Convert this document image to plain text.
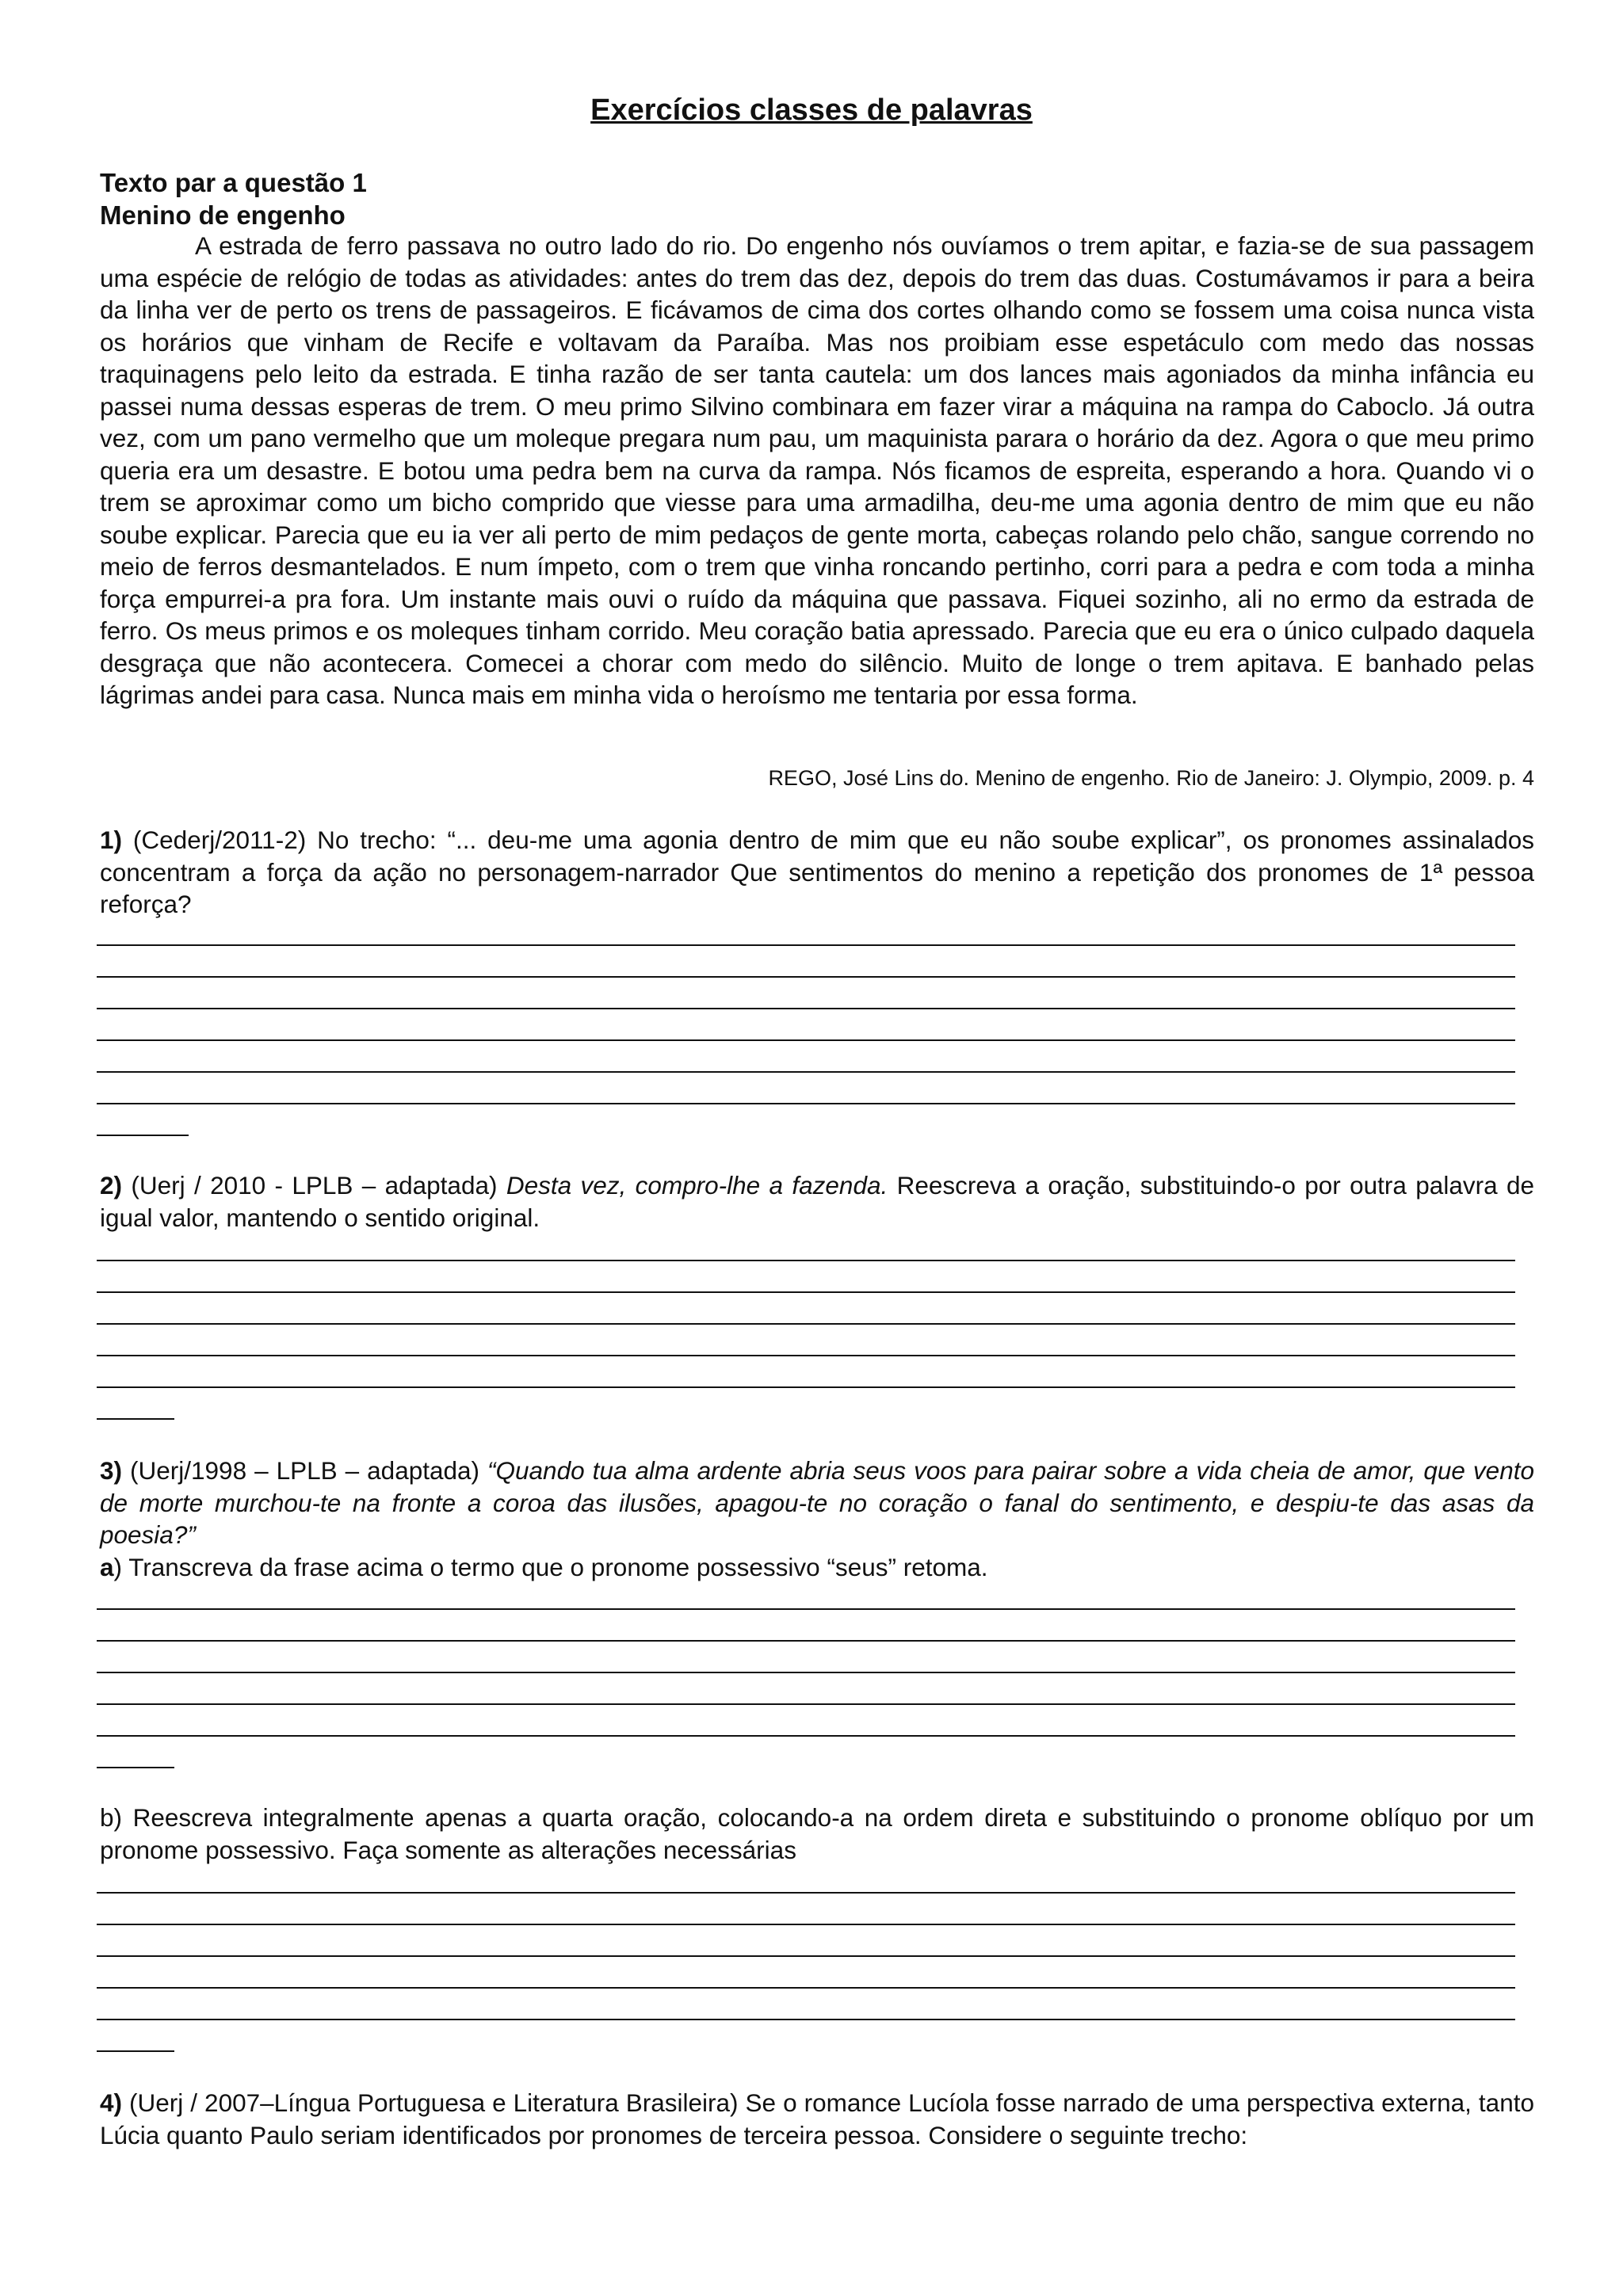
Exercícios classes de palavras
Texto par a questão 1
Menino de engenho

A estrada de ferro passava no outro lado do rio. Do engenho nós ouvíamos o trem apitar, e fazia-se de sua passagem uma espécie de relógio de todas as atividades: antes do trem das dez, depois do trem das duas. Costumávamos ir para a beira da linha ver de perto os trens de passageiros. E ficávamos de cima dos cortes olhando como se fossem uma coisa nunca vista os horários que vinham de Recife e voltavam da Paraíba. Mas nos proibiam esse espetáculo com medo das nossas traquinagens pelo leito da estrada. E tinha razão de ser tanta cautela: um dos lances mais agoniados da minha infância eu passei numa dessas esperas de trem. O meu primo Silvino combinara em fazer virar a máquina na rampa do Caboclo. Já outra vez, com um pano vermelho que um moleque pregara num pau, um maquinista parara o horário da dez. Agora o que meu primo queria era um desastre. E botou uma pedra bem na curva da rampa. Nós ficamos de espreita, esperando a hora. Quando vi o trem se aproximar como um bicho comprido que viesse para uma armadilha, deu-me uma agonia dentro de mim que eu não soube explicar. Parecia que eu ia ver ali perto de mim pedaços de gente morta, cabeças rolando pelo chão, sangue correndo no meio de ferros desmantelados. E num ímpeto, com o trem que vinha roncando pertinho, corri para a pedra e com toda a minha força empurrei-a pra fora. Um instante mais ouvi o ruído da máquina que passava. Fiquei sozinho, ali no ermo da estrada de ferro. Os meus primos e os moleques tinham corrido. Meu coração batia apressado. Parecia que eu era o único culpado daquela desgraça que não acontecera. Comecei a chorar com medo do silêncio. Muito de longe o trem apitava. E banhado pelas lágrimas andei para casa. Nunca mais em minha vida o heroísmo me tentaria por essa forma.

REGO, José Lins do. Menino de engenho. Rio de Janeiro: J. Olympio, 2009. p. 4

1) (Cederj/2011-2) No trecho: “... deu-me uma agonia dentro de mim que eu não soube explicar”, os pronomes assinalados concentram a força da ação no personagem-narrador Que sentimentos do menino a repetição dos pronomes de 1ª pessoa reforça?

2) (Uerj / 2010 - LPLB – adaptada) Desta vez, compro-lhe a fazenda. Reescreva a oração, substituindo-o por outra palavra de igual valor, mantendo o sentido original.

3) (Uerj/1998 – LPLB – adaptada) “Quando tua alma ardente abria seus voos para pairar sobre a vida cheia de amor, que vento de morte murchou-te na fronte a coroa das ilusões, apagou-te no coração o fanal do sentimento, e despiu-te das asas da poesia?”

a) Transcreva da frase acima o termo que o pronome possessivo “seus” retoma.

b) Reescreva integralmente apenas a quarta oração, colocando-a na ordem direta e substituindo o pronome oblíquo por um pronome possessivo. Faça somente as alterações necessárias

4) (Uerj / 2007–Língua Portuguesa e Literatura Brasileira) Se o romance Lucíola fosse narrado de uma perspectiva externa, tanto Lúcia quanto Paulo seriam identificados por pronomes de terceira pessoa. Considere o seguinte trecho:
